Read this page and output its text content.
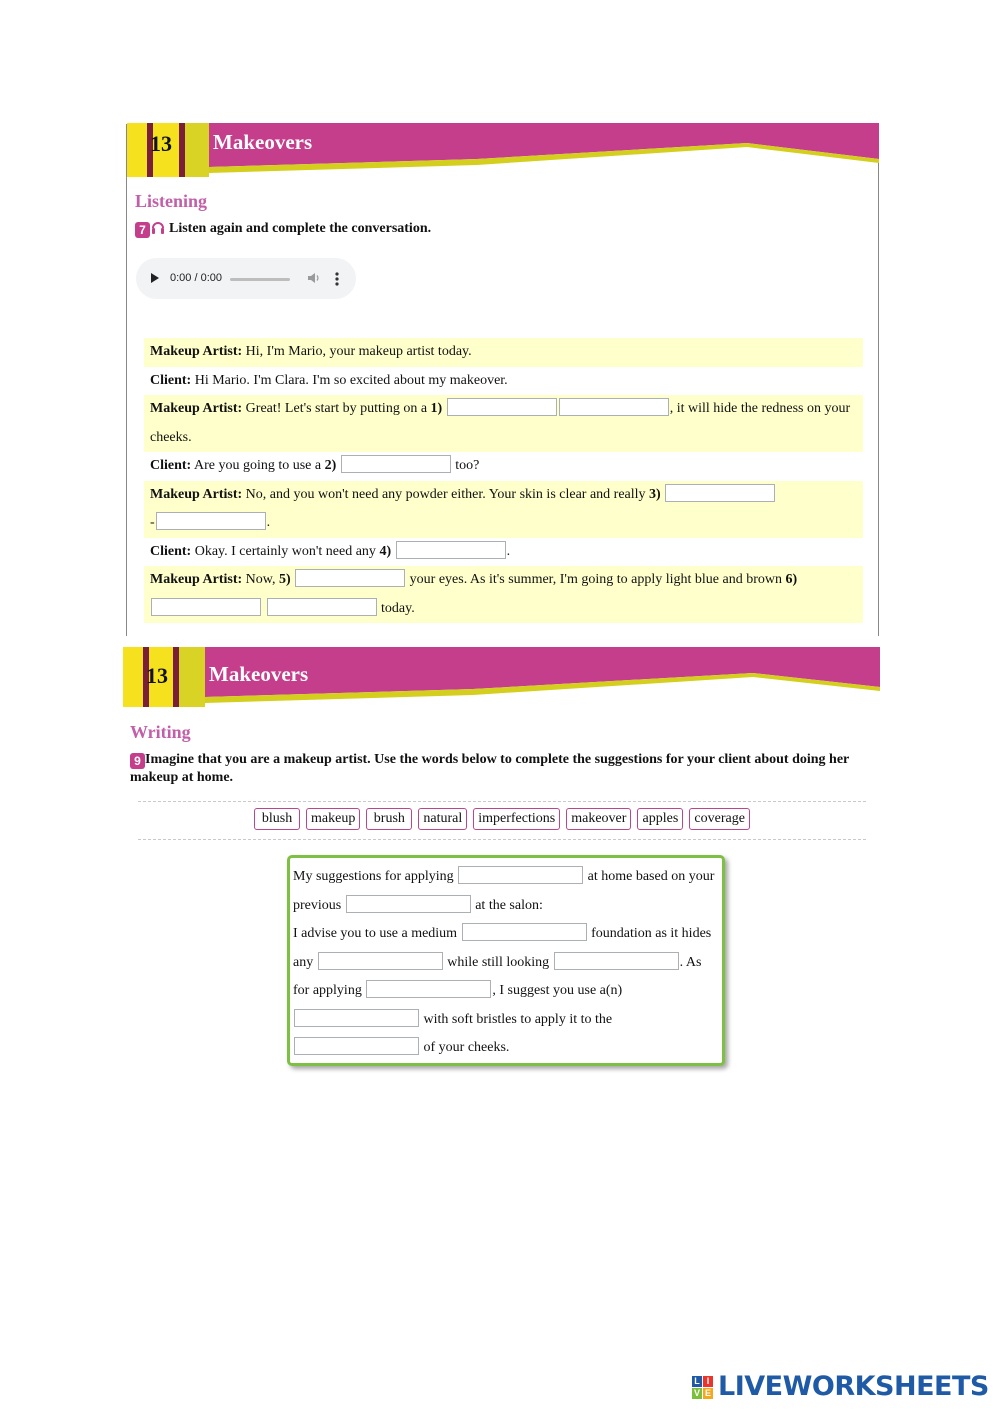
13	Makeovers
Listening
7 Listen again and complete the conversation.
0:00 / 0:00
Makeup Artist: Hi, I'm Mario, your makeup artist today.
Client: Hi Mario. I'm Clara. I'm so excited about my makeover.
Makeup Artist: Great! Let's start by putting on a 1)	, it will hide the redness on your cheeks.
Client: Are you going to use a 2)	too?
Makeup Artist: No, and you won't need any powder either. Your skin is clear and really 3)
-	.
Client: Okay. I certainly won't need any 4)	.
Makeup Artist: Now, 5)	your eyes. As it's summer, I'm going to apply light blue and brown 6)
today.
13	Makeovers
Writing
9 Imagine that you are a makeup artist. Use the words below to complete the suggestions for your client about doing her makeup at home.
blush makeup brush natural imperfections makeover apples coverage
My suggestions for applying	at home based on your previous	at the salon:
I advise you to use a medium	foundation as it hides any	while still looking	. As for applying	, I suggest you use a(n)
with soft bristles to apply it to the
of your cheeks.
L I
V E LIVEWORKSHEETS
